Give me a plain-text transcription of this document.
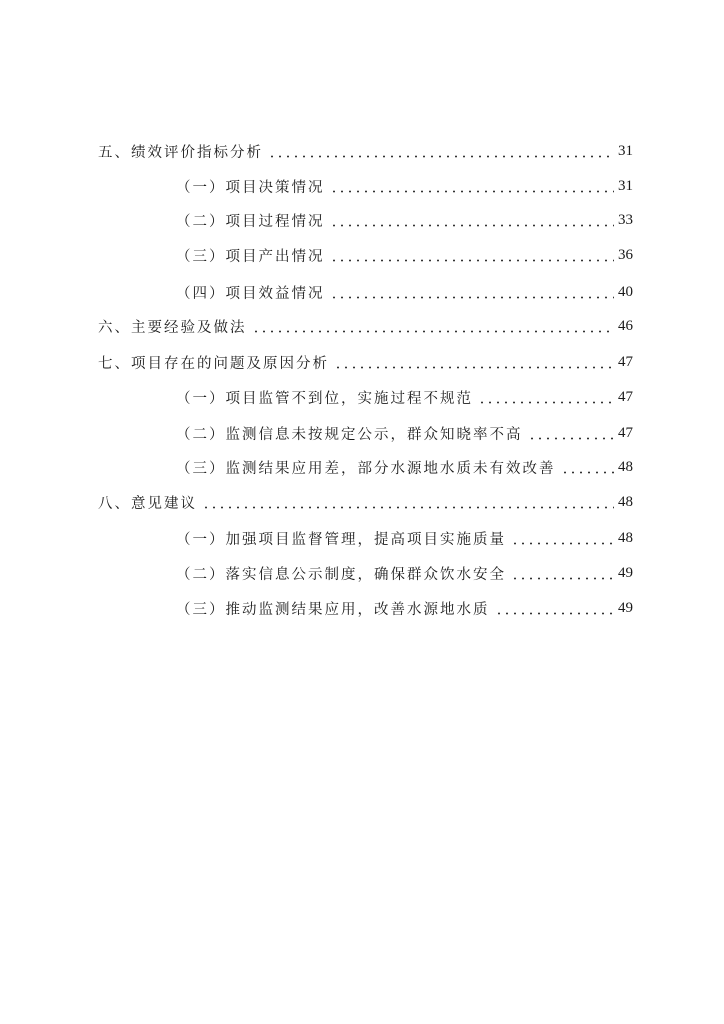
五、绩效评价指标分析	31
（一）项目决策情况	31
（二）项目过程情况	33
（三）项目产出情况	36
（四）项目效益情况	40
六、主要经验及做法	46
七、项目存在的问题及原因分析	47
（一）项目监管不到位，实施过程不规范	47
（二）监测信息未按规定公示，群众知晓率不高	47
（三）监测结果应用差，部分水源地水质未有效改善	48
八、意见建议	48
（一）加强项目监督管理，提高项目实施质量	48
（二）落实信息公示制度，确保群众饮水安全	49
（三）推动监测结果应用，改善水源地水质	49
